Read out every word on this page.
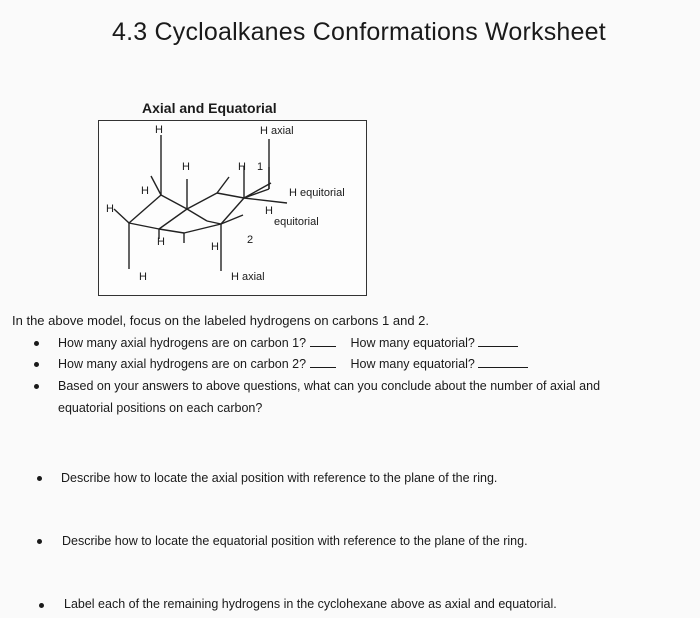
4.3 Cycloalkanes Conformations Worksheet
Axial and Equatorial
H	H axial
H	H 1
H	H equitorial
H	H
equitorial
H	H
2
H	H axial
In the above model, focus on the labeled hydrogens on carbons 1 and 2.
How many axial hydrogens are on carbon 1?	How many equatorial?
How many axial hydrogens are on carbon 2?	How many equatorial?
Based on your answers to above questions, what can you conclude about the number of axial and
equatorial positions on each carbon?
Describe how to locate the axial position with reference to the plane of the ring.
Describe how to locate the equatorial position with reference to the plane of the ring.
Label each of the remaining hydrogens in the cyclohexane above as axial and equatorial.
